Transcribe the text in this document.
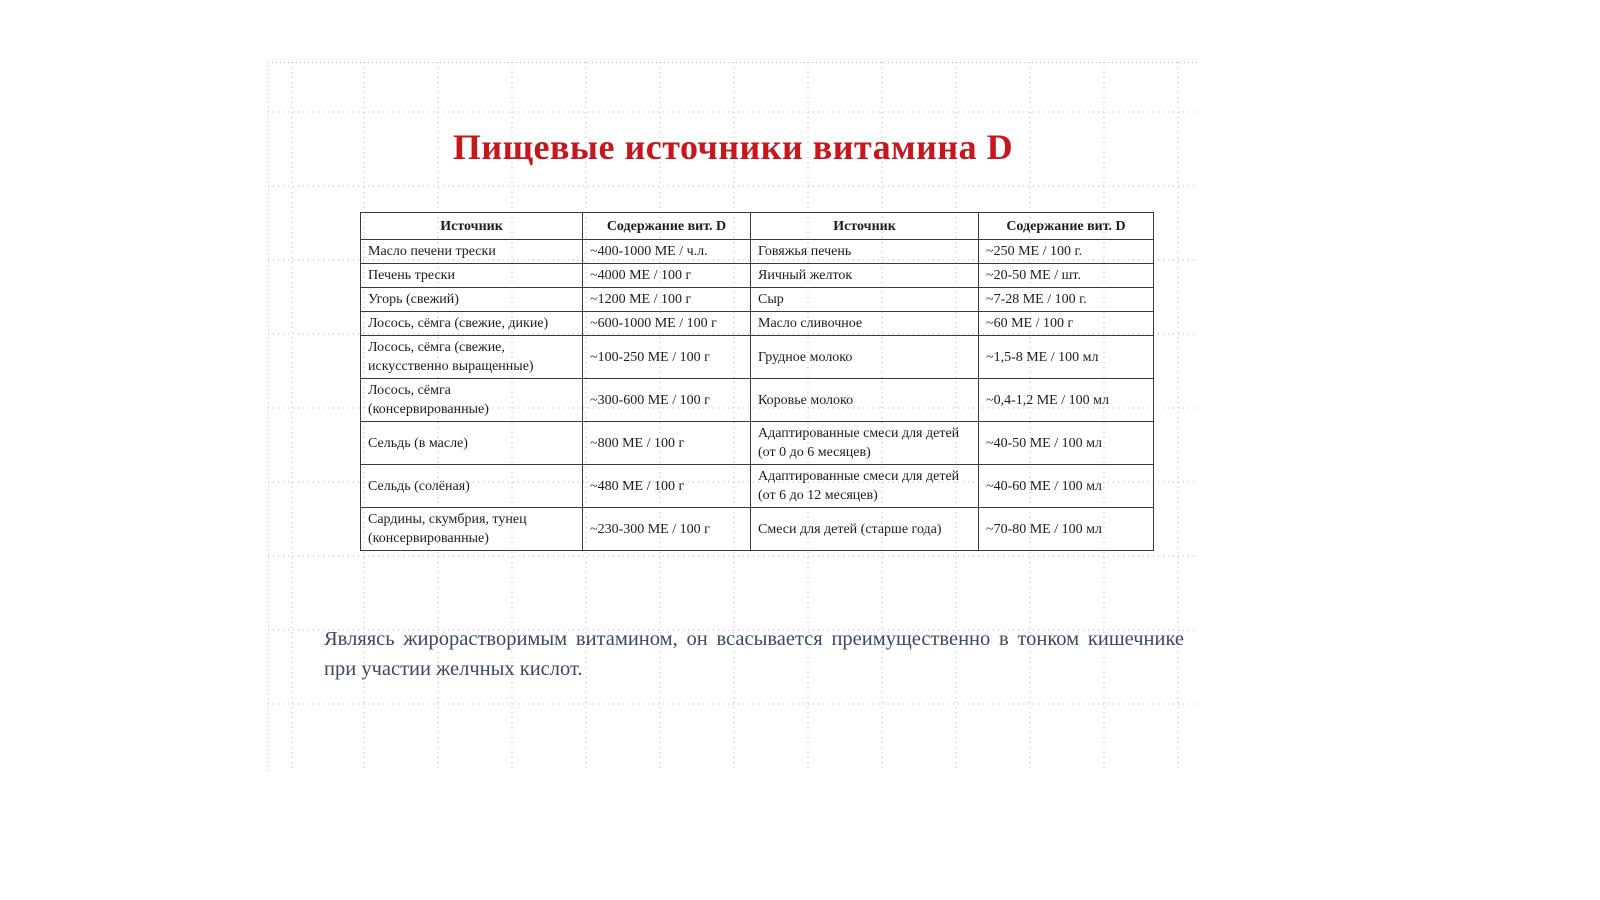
Пищевые источники витамина D
Источник	Содержание вит. D	Источник	Содержание вит. D
Масло печени трески	~400-1000 МЕ / ч.л.	Говяжья печень	~250 МЕ / 100 г.
Печень трески	~4000 МЕ / 100 г	Яичный желток	~20-50 МЕ / шт.
Угорь (свежий)	~1200 МЕ / 100 г	Сыр	~7-28 МЕ / 100 г.
Лосось, сёмга (свежие, дикие)	~600-1000 МЕ / 100 г	Масло сливочное	~60 МЕ / 100 г
Лосось, сёмга (свежие, искусственно выращенные)	~100-250 МЕ / 100 г	Грудное молоко	~1,5-8 МЕ / 100 мл
Лосось, сёмга (консервированные)	~300-600 МЕ / 100 г	Коровье молоко	~0,4-1,2 МЕ / 100 мл
Сельдь (в масле)	~800 МЕ / 100 г	Адаптированные смеси для детей (от 0 до 6 месяцев)	~40-50 МЕ / 100 мл
Сельдь (солёная)	~480 МЕ / 100 г	Адаптированные смеси для детей (от 6 до 12 месяцев)	~40-60 МЕ / 100 мл
Сардины, скумбрия, тунец (консервированные)	~230-300 МЕ / 100 г	Смеси для детей (старше года)	~70-80 МЕ / 100 мл

Являясь жирорастворимым витамином, он всасывается преимущественно в тонком кишечнике при участии желчных кислот.
